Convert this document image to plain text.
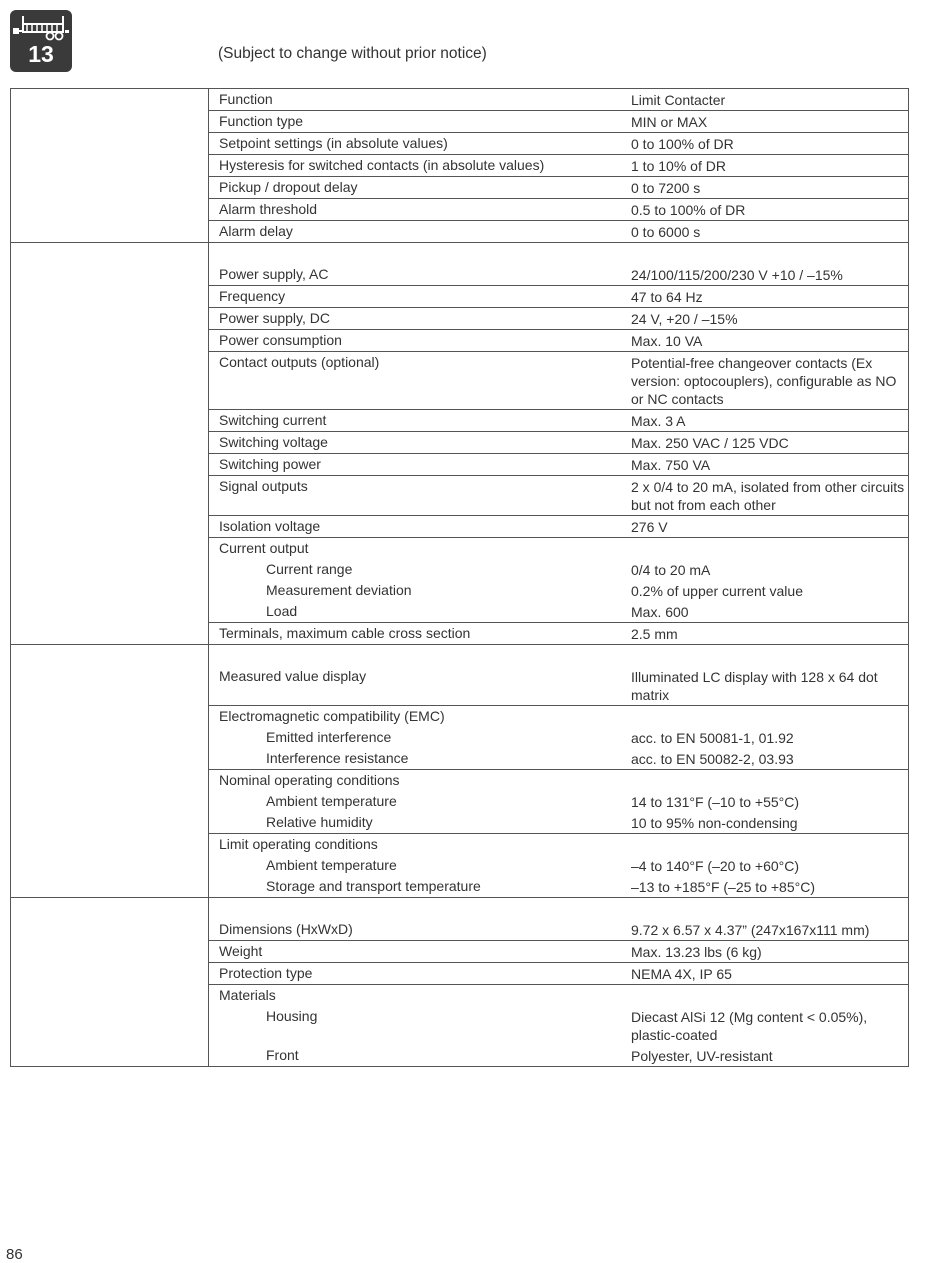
13	(Subject to change without prior notice)
Function	Limit Contacter
Function type	MIN or MAX
Setpoint settings (in absolute values)	0 to 100% of DR
Hysteresis for switched contacts (in absolute values)	1 to 10% of DR
Pickup / dropout delay	0 to 7200 s
Alarm threshold	0.5 to 100% of DR
Alarm delay	0 to 6000 s
Power supply, AC	24/100/115/200/230 V +10 / –15%
Frequency	47 to 64 Hz
Power supply, DC	24 V, +20 / –15%
Power consumption	Max. 10 VA
Contact outputs (optional)	Potential-free changeover contacts (Ex version: optocouplers), configurable as NO or NC contacts
Switching current	Max. 3 A
Switching voltage	Max. 250 VAC / 125 VDC
Switching power	Max. 750 VA
Signal outputs	2 x 0/4 to 20 mA, isolated from other circuits but not from each other
Isolation voltage	276 V
Current output
Current range	0/4 to 20 mA
Measurement deviation	0.2% of upper current value
Load	Max. 600
Terminals, maximum cable cross section	2.5 mm
Measured value display	Illuminated LC display with 128 x 64 dot matrix
Electromagnetic compatibility (EMC)
Emitted interference	acc. to EN 50081-1, 01.92
Interference resistance	acc. to EN 50082-2, 03.93
Nominal operating conditions
Ambient temperature	14 to 131°F (–10 to +55°C)
Relative humidity	10 to 95% non-condensing
Limit operating conditions
Ambient temperature	–4 to 140°F (–20 to +60°C)
Storage and transport temperature	–13 to +185°F (–25 to +85°C)
Dimensions (HxWxD)	9.72 x 6.57 x 4.37” (247x167x111 mm)
Weight	Max. 13.23 lbs (6 kg)
Protection type	NEMA 4X, IP 65
Materials
Housing	Diecast AlSi 12 (Mg content < 0.05%), plastic-coated
Front	Polyester, UV-resistant
86
